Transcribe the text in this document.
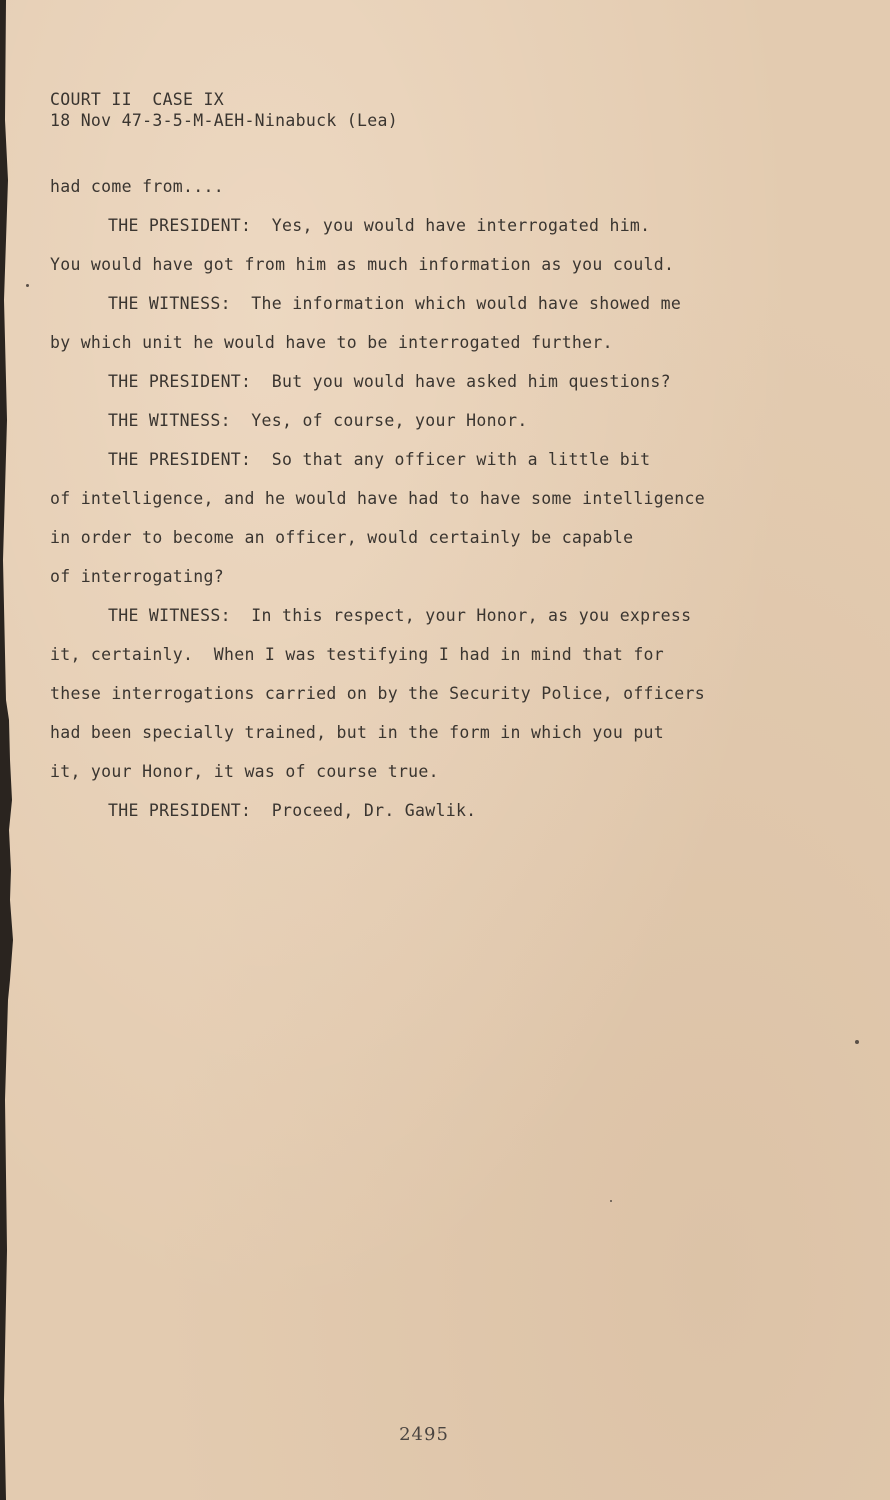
COURT II  CASE IX
18 Nov 47-3-5-M-AEH-Ninabuck (Lea)
had come from....
THE PRESIDENT:  Yes, you would have interrogated him.
You would have got from him as much information as you could.
THE WITNESS:  The information which would have showed me
by which unit he would have to be interrogated further.
THE PRESIDENT:  But you would have asked him questions?
THE WITNESS:  Yes, of course, your Honor.
THE PRESIDENT:  So that any officer with a little bit
of intelligence, and he would have had to have some intelligence
in order to become an officer, would certainly be capable
of interrogating?
THE WITNESS:  In this respect, your Honor, as you express
it, certainly.  When I was testifying I had in mind that for
these interrogations carried on by the Security Police, officers
had been specially trained, but in the form in which you put
it, your Honor, it was of course true.
THE PRESIDENT:  Proceed, Dr. Gawlik.
2495
